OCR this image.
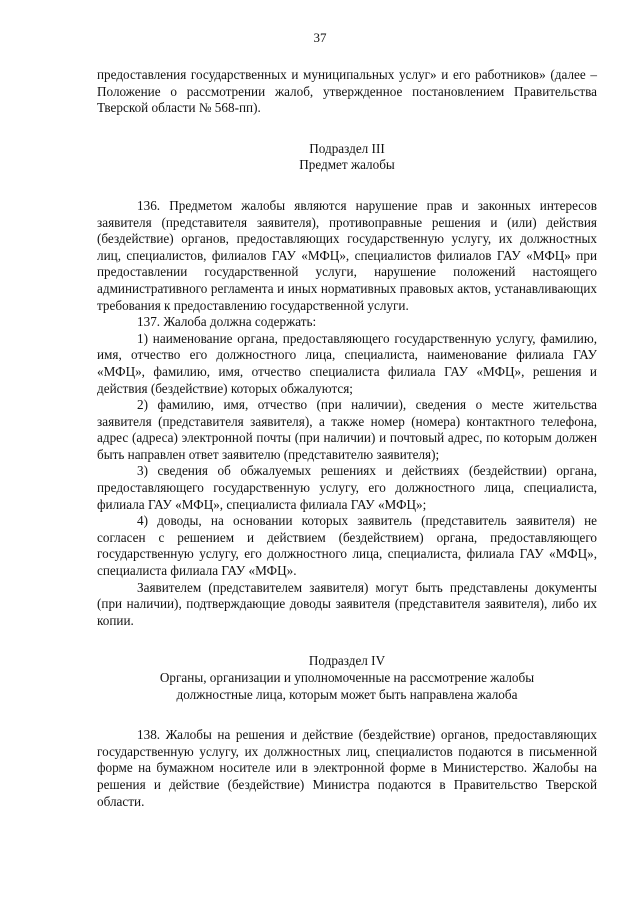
37

предоставления государственных и муниципальных услуг» и его работников» (далее – Положение о рассмотрении жалоб, утвержденное постановлением Правительства Тверской области № 568-пп).

Подраздел III

Предмет жалобы

136. Предметом жалобы являются нарушение прав и законных интересов заявителя (представителя заявителя), противоправные решения и (или) действия (бездействие) органов, предоставляющих государственную услугу, их должностных лиц, специалистов, филиалов ГАУ «МФЦ», специалистов филиалов ГАУ «МФЦ» при предоставлении государственной услуги, нарушение положений настоящего административного регламента и иных нормативных правовых актов, устанавливающих требования к предоставлению государственной услуги.

137. Жалоба должна содержать:

1) наименование органа, предоставляющего государственную услугу, фамилию, имя, отчество его должностного лица, специалиста, наименование филиала ГАУ «МФЦ», фамилию, имя, отчество специалиста филиала ГАУ «МФЦ», решения и действия (бездействие) которых обжалуются;

2) фамилию, имя, отчество (при наличии), сведения о месте жительства заявителя (представителя заявителя), а также номер (номера) контактного телефона, адрес (адреса) электронной почты (при наличии) и почтовый адрес, по которым должен быть направлен ответ заявителю (представителю заявителя);

3) сведения об обжалуемых решениях и действиях (бездействии) органа, предоставляющего государственную услугу, его должностного лица, специалиста, филиала ГАУ «МФЦ», специалиста филиала ГАУ «МФЦ»;

4) доводы, на основании которых заявитель (представитель заявителя) не согласен с решением и действием (бездействием) органа, предоставляющего государственную услугу, его должностного лица, специалиста, филиала ГАУ «МФЦ», специалиста филиала ГАУ «МФЦ».

Заявителем (представителем заявителя) могут быть представлены документы (при наличии), подтверждающие доводы заявителя (представителя заявителя), либо их копии.

Подраздел IV

Органы, организации и уполномоченные на рассмотрение жалобы

должностные лица, которым может быть направлена жалоба

138. Жалобы на решения и действие (бездействие) органов, предоставляющих государственную услугу, их должностных лиц, специалистов подаются в письменной форме на бумажном носителе или в электронной форме в Министерство. Жалобы на решения и действие (бездействие) Министра подаются в Правительство Тверской области.
